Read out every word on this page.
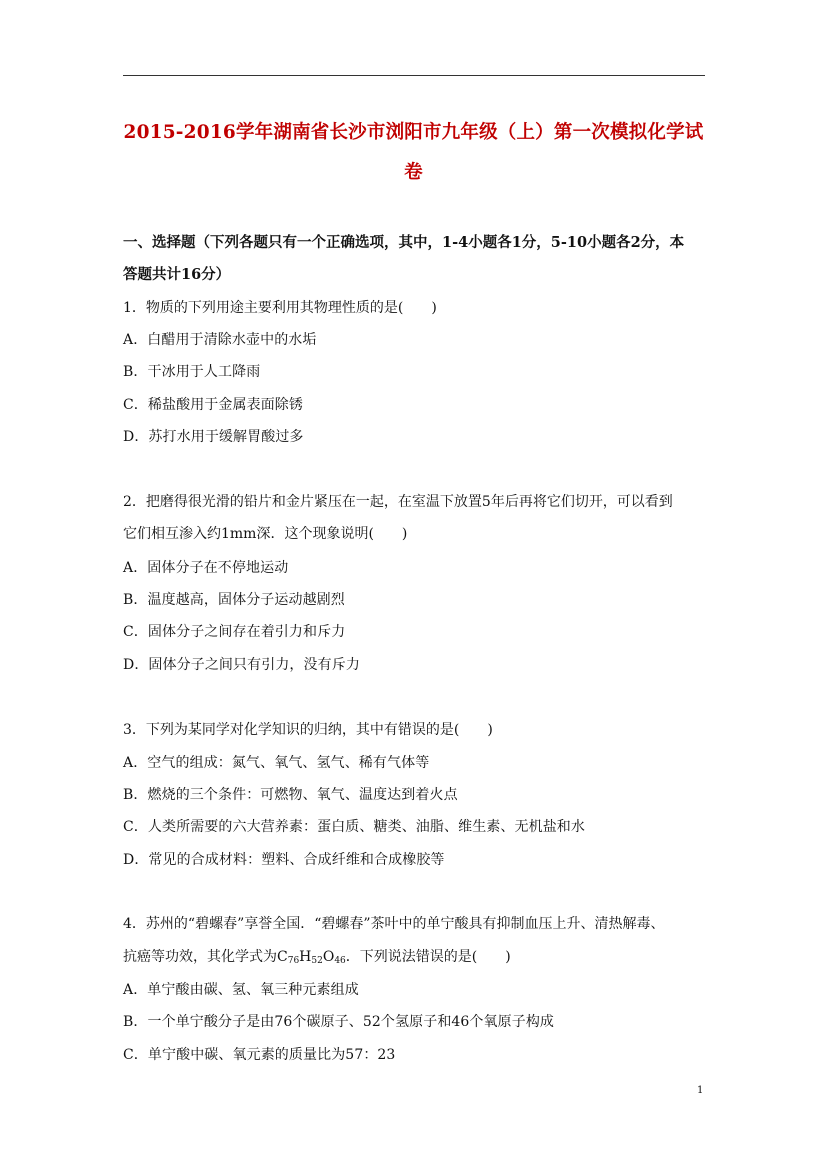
2015-2016学年湖南省长沙市浏阳市九年级（上）第一次模拟化学试
卷
一、选择题（下列各题只有一个正确选项，其中，1-4小题各1分，5-10小题各2分，本
答题共计16分）
1．物质的下列用途主要利用其物理性质的是(　　)
A．白醋用于清除水壶中的水垢
B．干冰用于人工降雨
C．稀盐酸用于金属表面除锈
D．苏打水用于缓解胃酸过多
2．把磨得很光滑的铅片和金片紧压在一起，在室温下放置5年后再将它们切开，可以看到
它们相互渗入约1mm深．这个现象说明(　　)
A．固体分子在不停地运动
B．温度越高，固体分子运动越剧烈
C．固体分子之间存在着引力和斥力
D．固体分子之间只有引力，没有斥力
3．下列为某同学对化学知识的归纳，其中有错误的是(　　)
A．空气的组成：氮气、氧气、氢气、稀有气体等
B．燃烧的三个条件：可燃物、氧气、温度达到着火点
C．人类所需要的六大营养素：蛋白质、糖类、油脂、维生素、无机盐和水
D．常见的合成材料：塑料、合成纤维和合成橡胶等
4．苏州的“碧螺春”享誉全国．“碧螺春”茶叶中的单宁酸具有抑制血压上升、清热解毒、
抗癌等功效，其化学式为$C_{76}H_{52}O_{46}$．下列说法错误的是(　　)
A．单宁酸由碳、氢、氧三种元素组成
B．一个单宁酸分子是由76个碳原子、52个氢原子和46个氧原子构成
C．单宁酸中碳、氧元素的质量比为57：23
1
